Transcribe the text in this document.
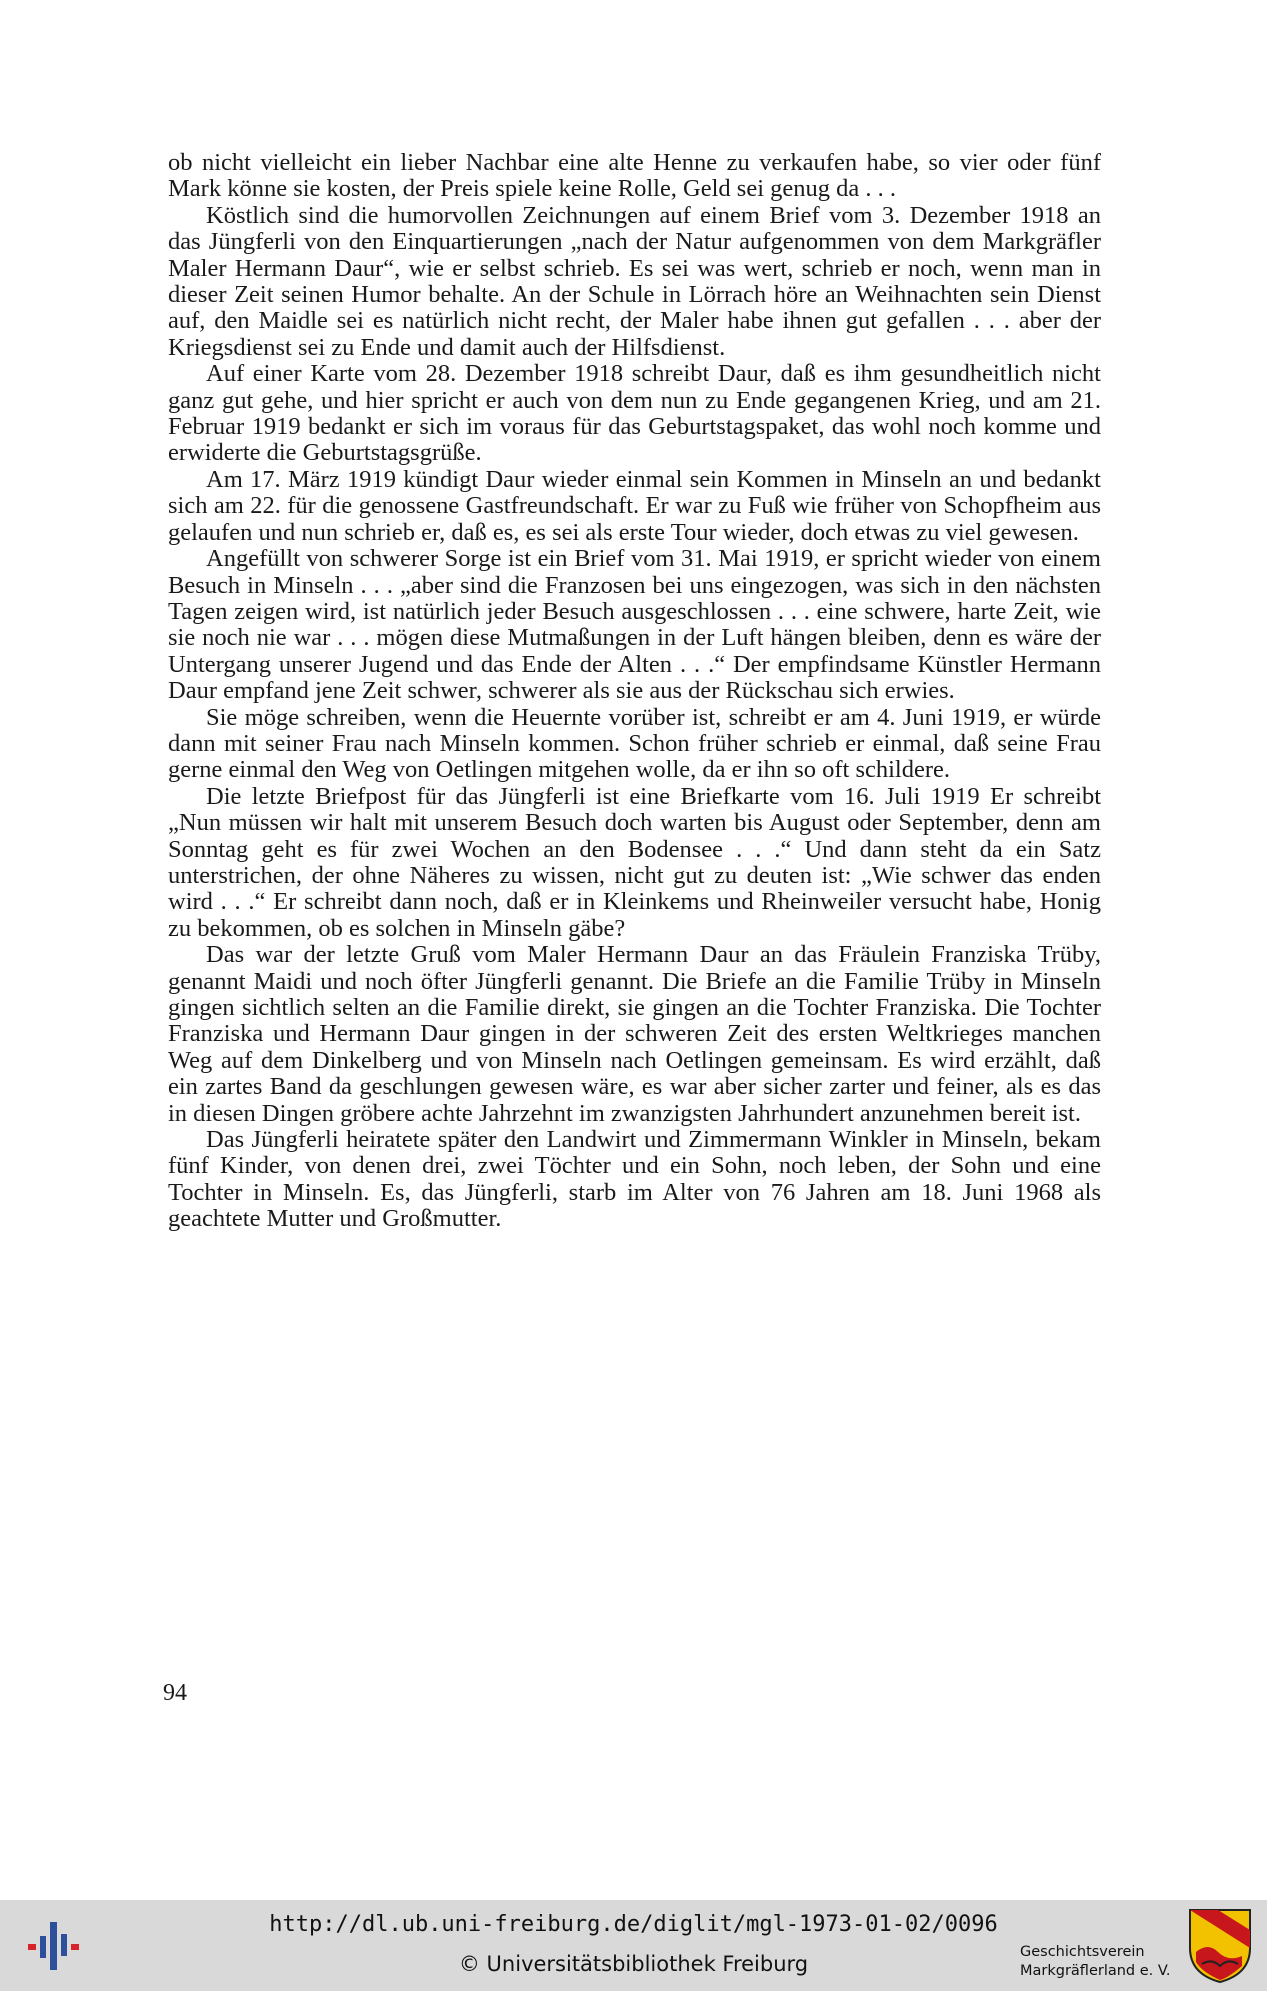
ob nicht vielleicht ein lieber Nachbar eine alte Henne zu verkaufen habe, so vier oder fünf Mark könne sie kosten, der Preis spiele keine Rolle, Geld sei genug da . . .

Köstlich sind die humorvollen Zeichnungen auf einem Brief vom 3. Dezember 1918 an das Jüngferli von den Einquartierungen „nach der Natur aufgenommen von dem Markgräfler Maler Hermann Daur“, wie er selbst schrieb. Es sei was wert, schrieb er noch, wenn man in dieser Zeit seinen Humor behalte. An der Schule in Lörrach höre an Weihnachten sein Dienst auf, den Maidle sei es natürlich nicht recht, der Maler habe ihnen gut gefallen . . . aber der Kriegsdienst sei zu Ende und damit auch der Hilfsdienst.

Auf einer Karte vom 28. Dezember 1918 schreibt Daur, daß es ihm gesundheitlich nicht ganz gut gehe, und hier spricht er auch von dem nun zu Ende gegangenen Krieg, und am 21. Februar 1919 bedankt er sich im voraus für das Geburtstagspaket, das wohl noch komme und erwiderte die Geburtstagsgrüße.

Am 17. März 1919 kündigt Daur wieder einmal sein Kommen in Minseln an und bedankt sich am 22. für die genossene Gastfreundschaft. Er war zu Fuß wie früher von Schopfheim aus gelaufen und nun schrieb er, daß es, es sei als erste Tour wieder, doch etwas zu viel gewesen.

Angefüllt von schwerer Sorge ist ein Brief vom 31. Mai 1919, er spricht wieder von einem Besuch in Minseln . . . „aber sind die Franzosen bei uns eingezogen, was sich in den nächsten Tagen zeigen wird, ist natürlich jeder Besuch ausgeschlossen . . . eine schwere, harte Zeit, wie sie noch nie war . . . mögen diese Mutmaßungen in der Luft hängen bleiben, denn es wäre der Untergang unserer Jugend und das Ende der Alten . . .“ Der empfindsame Künstler Hermann Daur empfand jene Zeit schwer, schwerer als sie aus der Rückschau sich erwies.

Sie möge schreiben, wenn die Heuernte vorüber ist, schreibt er am 4. Juni 1919, er würde dann mit seiner Frau nach Minseln kommen. Schon früher schrieb er einmal, daß seine Frau gerne einmal den Weg von Oetlingen mitgehen wolle, da er ihn so oft schildere.

Die letzte Briefpost für das Jüngferli ist eine Briefkarte vom 16. Juli 1919 Er schreibt „Nun müssen wir halt mit unserem Besuch doch warten bis August oder September, denn am Sonntag geht es für zwei Wochen an den Bodensee . . .“ Und dann steht da ein Satz unterstrichen, der ohne Näheres zu wissen, nicht gut zu deuten ist: „Wie schwer das enden wird . . .“ Er schreibt dann noch, daß er in Kleinkems und Rheinweiler versucht habe, Honig zu bekommen, ob es solchen in Minseln gäbe?

Das war der letzte Gruß vom Maler Hermann Daur an das Fräulein Franziska Trüby, genannt Maidi und noch öfter Jüngferli genannt. Die Briefe an die Familie Trüby in Minseln gingen sichtlich selten an die Familie direkt, sie gingen an die Tochter Franziska. Die Tochter Franziska und Hermann Daur gingen in der schweren Zeit des ersten Weltkrieges manchen Weg auf dem Dinkelberg und von Minseln nach Oetlingen gemeinsam. Es wird erzählt, daß ein zartes Band da geschlungen gewesen wäre, es war aber sicher zarter und feiner, als es das in diesen Dingen gröbere achte Jahrzehnt im zwanzigsten Jahrhundert anzunehmen bereit ist.

Das Jüngferli heiratete später den Landwirt und Zimmermann Winkler in Minseln, bekam fünf Kinder, von denen drei, zwei Töchter und ein Sohn, noch leben, der Sohn und eine Tochter in Minseln. Es, das Jüngferli, starb im Alter von 76 Jahren am 18. Juni 1968 als geachtete Mutter und Großmutter.

94
http://dl.ub.uni-freiburg.de/diglit/mgl-1973-01-02/0096
© Universitätsbibliothek Freiburg	Geschichtsverein
Markgräflerland e. V.
